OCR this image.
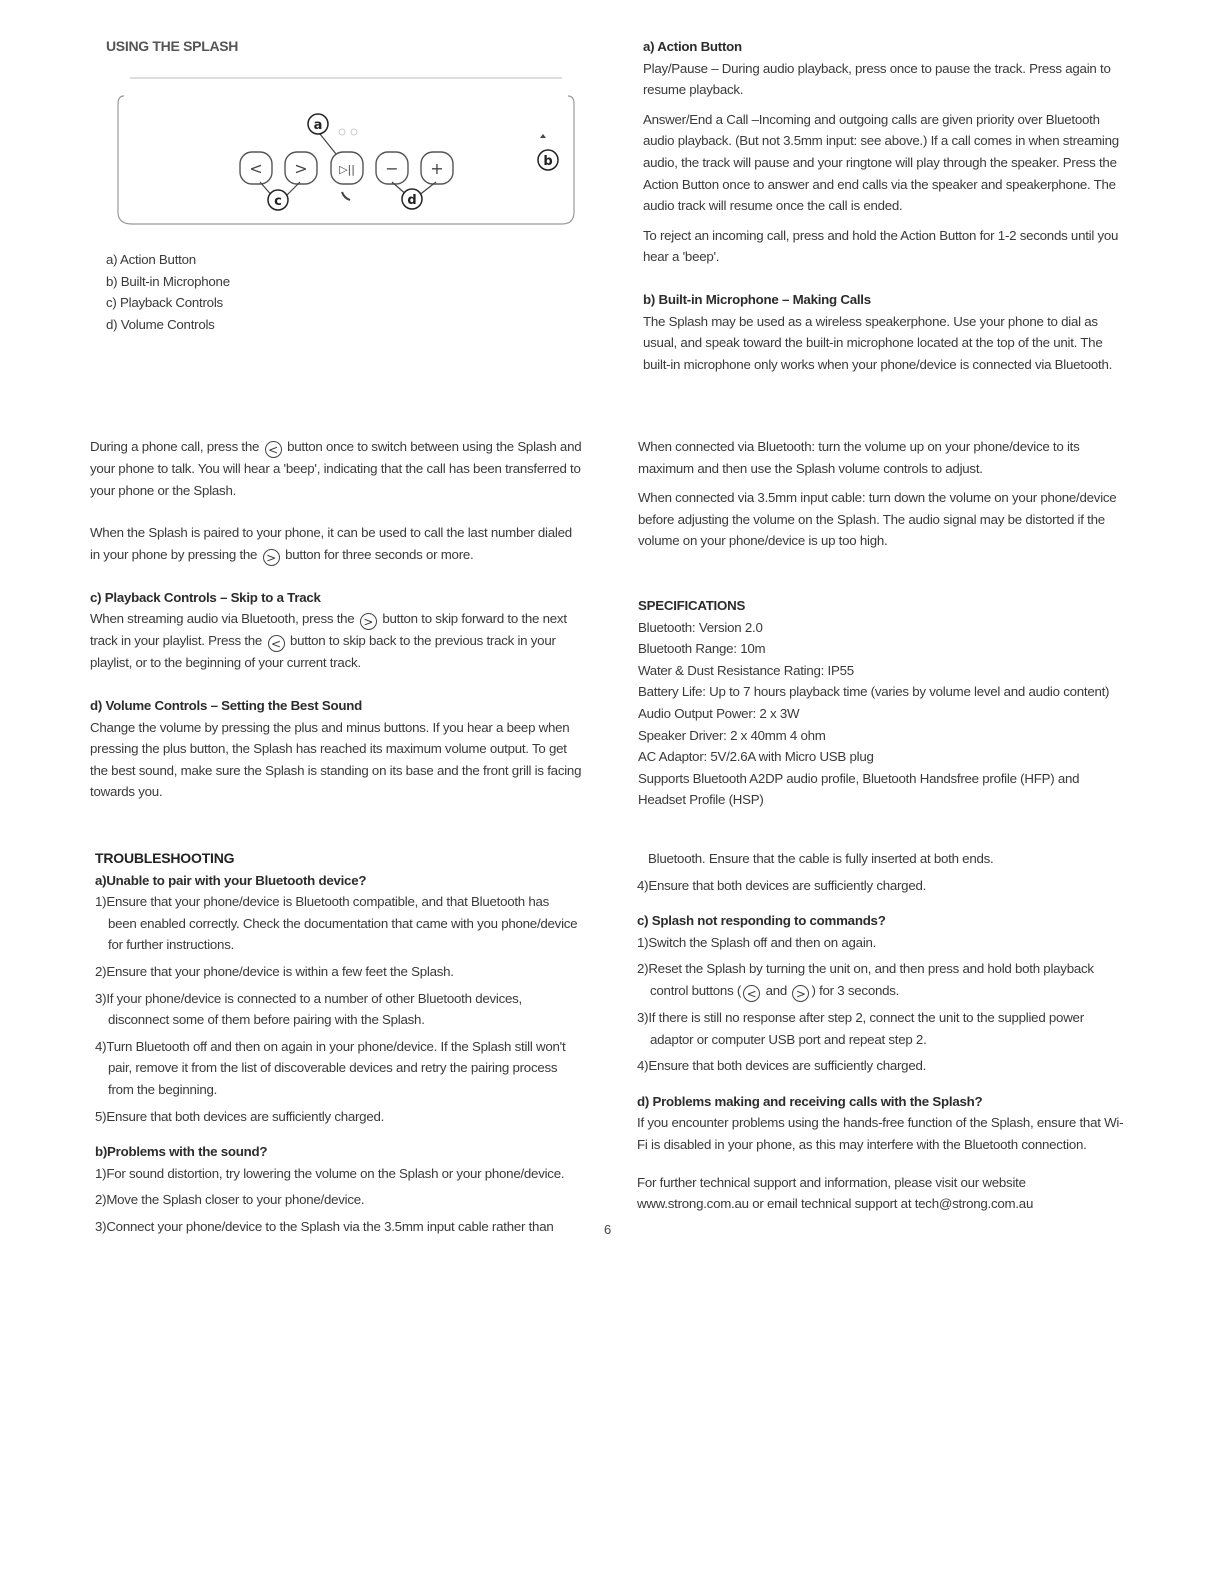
USING THE SPLASH
< >	▷|| − +
a
b
c	d

a) Action Button

b) Built-in Microphone

c) Playback Controls

d) Volume Controls

a) Action Button

Play/Pause – During audio playback, press once to pause the track. Press again to resume playback.

Answer/End a Call –Incoming and outgoing calls are given priority over Bluetooth audio playback. (But not 3.5mm input: see above.) If a call comes in when streaming audio, the track will pause and your ringtone will play through the speaker. Press the Action Button once to answer and end calls via the speaker and speakerphone. The audio track will resume once the call is ended.

To reject an incoming call, press and hold the Action Button for 1-2 seconds until you hear a 'beep'.

b) Built-in Microphone – Making Calls

The Splash may be used as a wireless speakerphone. Use your phone to dial as usual, and speak toward the built-in microphone located at the top of the unit. The built-in microphone only works when your phone/device is connected via Bluetooth.

During a phone call, press the < button once to switch between using the Splash and your phone to talk. You will hear a 'beep', indicating that the call has been transferred to your phone or the Splash.

When the Splash is paired to your phone, it can be used to call the last number dialed in your phone by pressing the > button for three seconds or more.

c) Playback Controls – Skip to a Track

When streaming audio via Bluetooth, press the > button to skip forward to the next track in your playlist. Press the < button to skip back to the previous track in your playlist, or to the beginning of your current track.

d) Volume Controls – Setting the Best Sound

Change the volume by pressing the plus and minus buttons. If you hear a beep when pressing the plus button, the Splash has reached its maximum volume output. To get the best sound, make sure the Splash is standing on its base and the front grill is facing towards you.

When connected via Bluetooth: turn the volume up on your phone/device to its maximum and then use the Splash volume controls to adjust.

When connected via 3.5mm input cable: turn down the volume on your phone/device before adjusting the volume on the Splash. The audio signal may be distorted if the volume on your phone/device is up too high.

SPECIFICATIONS

Bluetooth: Version 2.0

Bluetooth Range: 10m

Water & Dust Resistance Rating: IP55

Battery Life: Up to 7 hours playback time (varies by volume level and audio content)

Audio Output Power: 2 x 3W

Speaker Driver: 2 x 40mm 4 ohm

AC Adaptor: 5V/2.6A with Micro USB plug

Supports Bluetooth A2DP audio profile, Bluetooth Handsfree profile (HFP) and Headset Profile (HSP)

TROUBLESHOOTING

a)Unable to pair with your Bluetooth device?

1)Ensure that your phone/device is Bluetooth compatible, and that Bluetooth has been enabled correctly. Check the documentation that came with you phone/device for further instructions.

2)Ensure that your phone/device is within a few feet the Splash.

3)If your phone/device is connected to a number of other Bluetooth devices, disconnect some of them before pairing with the Splash.

4)Turn Bluetooth off and then on again in your phone/device. If the Splash still won't pair, remove it from the list of discoverable devices and retry the pairing process from the beginning.

5)Ensure that both devices are sufficiently charged.

b)Problems with the sound?

1)For sound distortion, try lowering the volume on the Splash or your phone/device.

2)Move the Splash closer to your phone/device.

3)Connect your phone/device to the Splash via the 3.5mm input cable rather than

Bluetooth. Ensure that the cable is fully inserted at both ends.

4)Ensure that both devices are sufficiently charged.

c) Splash not responding to commands?

1)Switch the Splash off and then on again.

2)Reset the Splash by turning the unit on, and then press and hold both playback control buttons ( < and > ) for 3 seconds.

3)If there is still no response after step 2, connect the unit to the supplied power adaptor or computer USB port and repeat step 2.

4)Ensure that both devices are sufficiently charged.

d) Problems making and receiving calls with the Splash?

If you encounter problems using the hands-free function of the Splash, ensure that Wi-Fi is disabled in your phone, as this may interfere with the Bluetooth connection.

For further technical support and information, please visit our website www.strong.com.au or email technical support at tech@strong.com.au

6
